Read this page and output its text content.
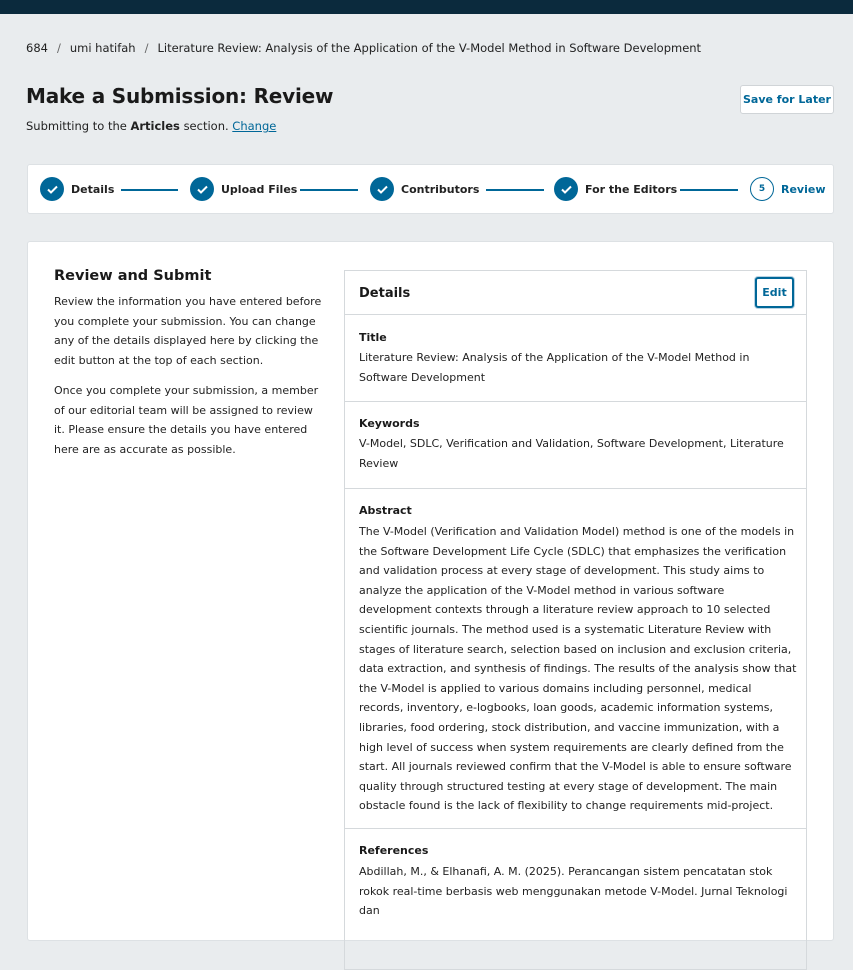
684 / umi hatifah / Literature Review: Analysis of the Application of the V-Model Method in Software Development
Make a Submission: Review
Submitting to the Articles section. Change
Save for Later
Details	Upload Files	Contributors	For the Editors	5	Review
Review and Submit

Review the information you have entered before you complete your submission. You can change any of the details displayed here by clicking the edit button at the top of each section.

Once you complete your submission, a member of our editorial team will be assigned to review it. Please ensure the details you have entered here are as accurate as possible.

Details	Edit
Title
Literature Review: Analysis of the Application of the V-Model Method in Software Development
Keywords
V-Model, SDLC, Verification and Validation, Software Development, Literature Review
Abstract
The V-Model (Verification and Validation Model) method is one of the models in the Software Development Life Cycle (SDLC) that emphasizes the verification and validation process at every stage of development. This study aims to analyze the application of the V-Model method in various software development contexts through a literature review approach to 10 selected scientific journals. The method used is a systematic Literature Review with stages of literature search, selection based on inclusion and exclusion criteria, data extraction, and synthesis of findings. The results of the analysis show that the V-Model is applied to various domains including personnel, medical records, inventory, e-logbooks, loan goods, academic information systems, libraries, food ordering, stock distribution, and vaccine immunization, with a high level of success when system requirements are clearly defined from the start. All journals reviewed confirm that the V-Model is able to ensure software quality through structured testing at every stage of development. The main obstacle found is the lack of flexibility to change requirements mid-project.
References
Abdillah, M., & Elhanafi, A. M. (2025). Perancangan sistem pencatatan stok rokok real-time berbasis web menggunakan metode V-Model. Jurnal Teknologi dan
